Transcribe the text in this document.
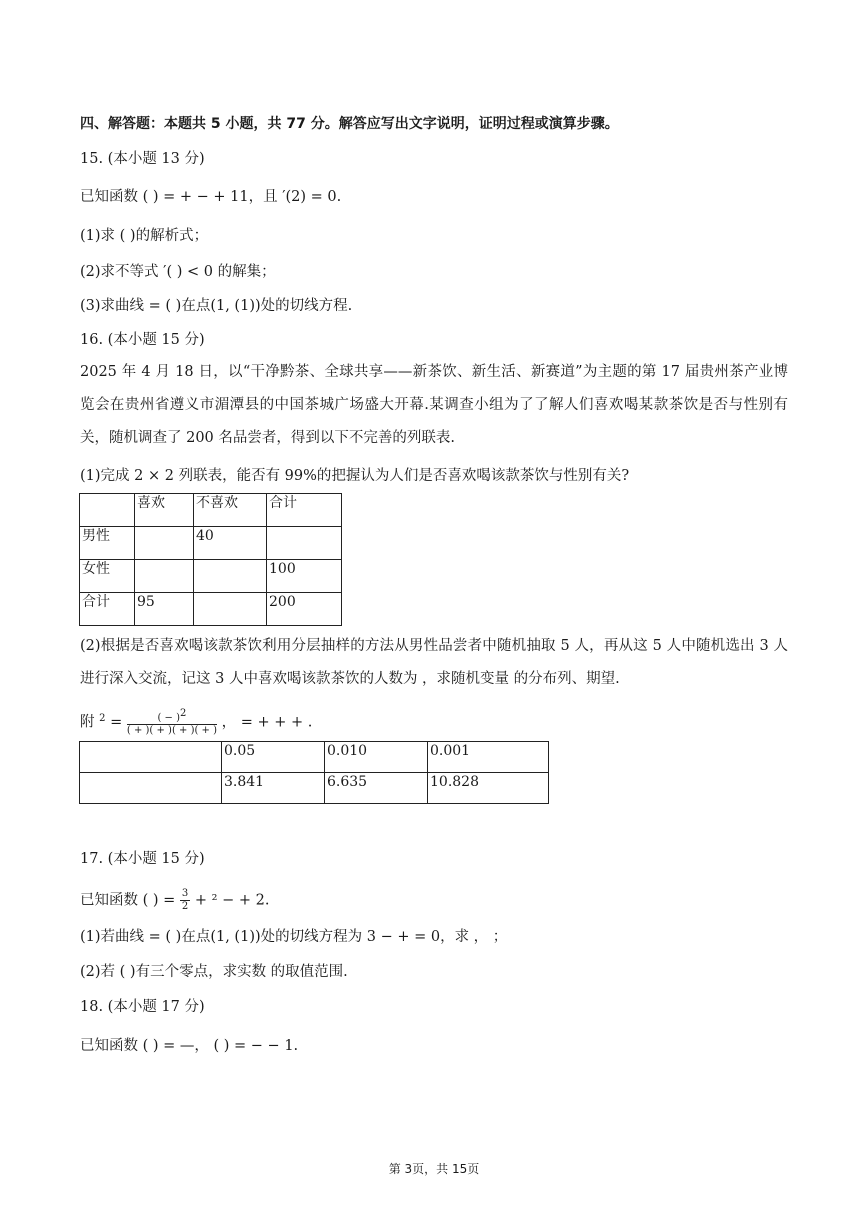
四、解答题：本题共 5 小题，共 77 分。解答应写出文字说明，证明过程或演算步骤。
15. (本小题 13 分)
已知函数 ( ) = + − + 11，且 ′(2) = 0.
(1)求 ( )的解析式；
(2)求不等式 ′( ) < 0 的解集；
(3)求曲线 = ( )在点(1, (1))处的切线方程.
16. (本小题 15 分)
2025 年 4 月 18 日，以“干净黔茶、全球共享——新茶饮、新生活、新赛道”为主题的第 17 届贵州茶产业博览会在贵州省遵义市湄潭县的中国茶城广场盛大开幕.某调查小组为了了解人们喜欢喝某款茶饮是否与性别有关，随机调查了 200 名品尝者，得到以下不完善的列联表.
(1)完成 2 × 2 列联表，能否有 99%的把握认为人们是否喜欢喝该款茶饮与性别有关?
	喜欢	不喜欢	合计
男性		40	
女性			100
合计	95		200
(2)根据是否喜欢喝该款茶饮利用分层抽样的方法从男性品尝者中随机抽取 5 人，再从这 5 人中随机选出 3 人进行深入交流，记这 3 人中喜欢喝该款茶饮的人数为 ，求随机变量 的分布列、期望.
附 $^2 = \frac{( - )2}{( + )( + )( + )( + )}$ ， = + + + .
	0.05	0.010	0.001
	3.841	6.635	10.828
17. (本小题 15 分)
已知函数 ( ) = $\frac{3}{2} + ^2$ − + 2.
(1)若曲线 = ( )在点(1, (1))处的切线方程为 3 − + = 0，求 ， ；
(2)若 ( )有三个零点，求实数 的取值范围.
18. (本小题 17 分)
已知函数 ( ) = —， ( ) = − − 1.
第 3页，共 15页
